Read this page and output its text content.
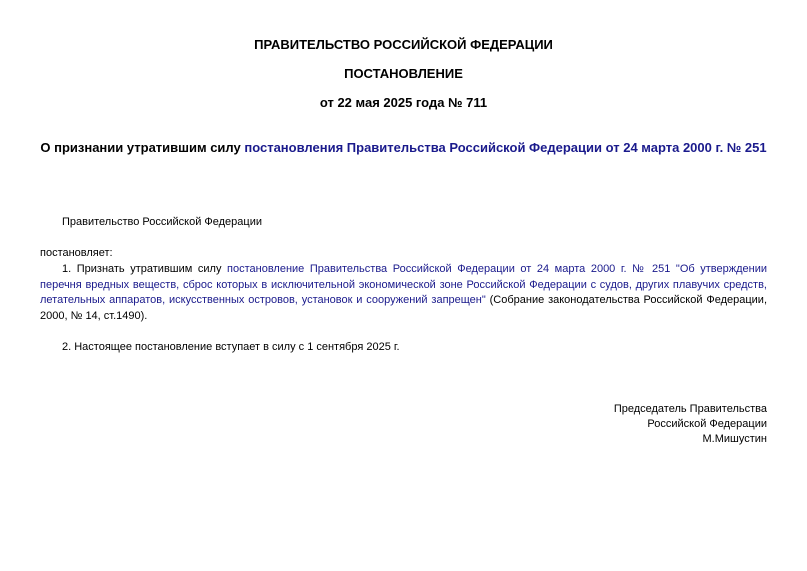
ПРАВИТЕЛЬСТВО РОССИЙСКОЙ ФЕДЕРАЦИИ
ПОСТАНОВЛЕНИЕ
от 22 мая 2025 года № 711

О признании утратившим силу постановления Правительства Российской Федерации от 24 марта 2000 г. № 251

Правительство Российской Федерации

постановляет:

1. Признать утратившим силу постановление Правительства Российской Федерации от 24 марта 2000 г. № 251 "Об утверждении перечня вредных веществ, сброс которых в исключительной экономической зоне Российской Федерации с судов, других плавучих средств, летательных аппаратов, искусственных островов, установок и сооружений запрещен" (Собрание законодательства Российской Федерации, 2000, № 14, ст.1490).

2. Настоящее постановление вступает в силу с 1 сентября 2025 г.

Председатель Правительства
Российской Федерации
М.Мишустин
